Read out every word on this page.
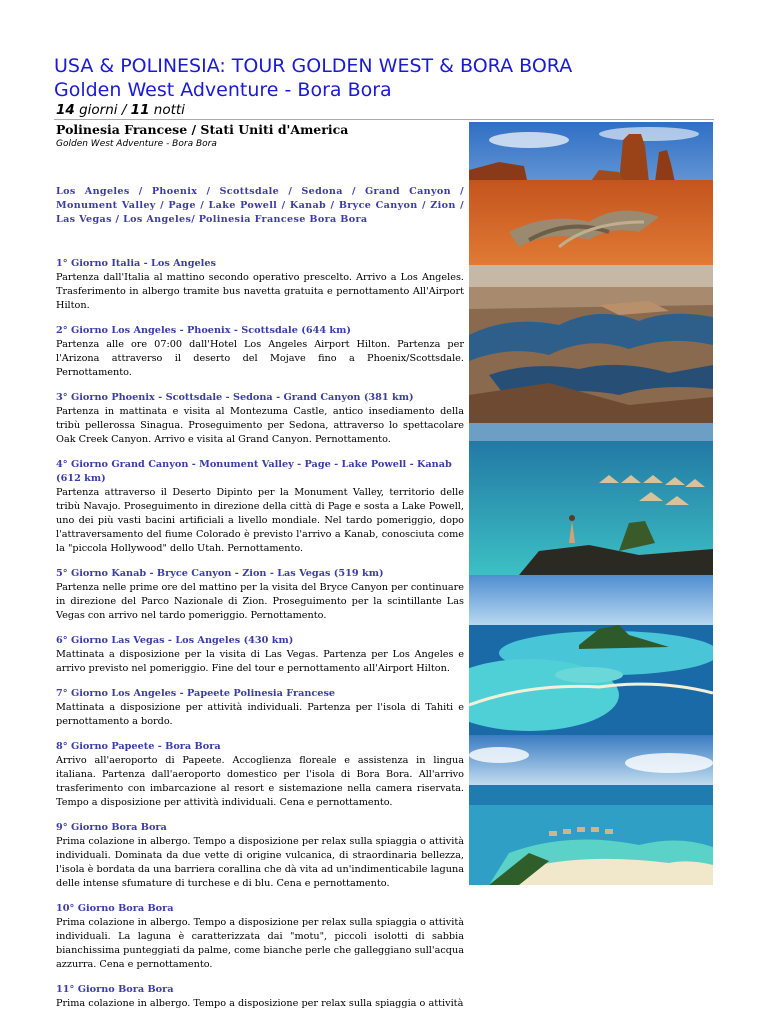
USA & POLINESIA: TOUR GOLDEN WEST & BORA BORA
Golden West Adventure - Bora Bora
14 giorni / 11 notti
Polinesia Francese / Stati Uniti d'America
Golden West Adventure - Bora Bora
Los Angeles / Phoenix / Scottsdale / Sedona / Grand Canyon / Monument Valley / Page / Lake Powell / Kanab / Bryce Canyon / Zion / Las Vegas / Los Angeles/ Polinesia Francese Bora Bora
1° Giorno Italia - Los Angeles
Partenza dall'Italia al mattino secondo operativo prescelto. Arrivo a Los Angeles. Trasferimento in albergo tramite bus navetta gratuita e pernottamento All'Airport Hilton.
2° Giorno Los Angeles - Phoenix - Scottsdale (644 km)
Partenza alle ore 07:00 dall'Hotel Los Angeles Airport Hilton. Partenza per l'Arizona attraverso il deserto del Mojave fino a Phoenix/Scottsdale. Pernottamento.
3° Giorno Phoenix - Scottsdale - Sedona - Grand Canyon (381 km)
Partenza in mattinata e visita al Montezuma Castle, antico insediamento della tribù pellerossa Sinagua. Proseguimento per Sedona, attraverso lo spettacolare Oak Creek Canyon. Arrivo e visita al Grand Canyon. Pernottamento.
4° Giorno Grand Canyon - Monument Valley - Page - Lake Powell - Kanab (612 km)
Partenza attraverso il Deserto Dipinto per la Monument Valley, territorio delle tribù Navajo. Proseguimento in direzione della città di Page e sosta a Lake Powell, uno dei più vasti bacini artificiali a livello mondiale. Nel tardo pomeriggio, dopo l'attraversamento del fiume Colorado è previsto l'arrivo a Kanab, conosciuta come la "piccola Hollywood" dello Utah. Pernottamento.
5° Giorno Kanab - Bryce Canyon - Zion - Las Vegas (519 km)
Partenza nelle prime ore del mattino per la visita del Bryce Canyon per continuare in direzione del Parco Nazionale di Zion. Proseguimento per la scintillante Las Vegas con arrivo nel tardo pomeriggio. Pernottamento.
6° Giorno Las Vegas - Los Angeles (430 km)
Mattinata a disposizione per la visita di Las Vegas. Partenza per Los Angeles e arrivo previsto nel pomeriggio. Fine del tour e pernottamento all'Airport Hilton.
7° Giorno Los Angeles - Papeete Polinesia Francese
Mattinata a disposizione per attività individuali. Partenza per l'isola di Tahiti e pernottamento a bordo.
8° Giorno Papeete - Bora Bora
Arrivo all'aeroporto di Papeete. Accoglienza floreale e assistenza in lingua italiana. Partenza dall'aeroporto domestico per l'isola di Bora Bora. All'arrivo trasferimento con imbarcazione al resort e sistemazione nella camera riservata. Tempo a disposizione per attività individuali. Cena e pernottamento.
9° Giorno Bora Bora
Prima colazione in albergo. Tempo a disposizione per relax sulla spiaggia o attività individuali. Dominata da due vette di origine vulcanica, di straordinaria bellezza, l'isola è bordata da una barriera corallina che dà vita ad un'indimenticabile laguna delle intense sfumature di turchese e di blu. Cena e pernottamento.
10° Giorno Bora Bora
Prima colazione in albergo. Tempo a disposizione per relax sulla spiaggia o attività individuali. La laguna è caratterizzata dai "motu", piccoli isolotti di sabbia bianchissima punteggiati da palme, come bianche perle che galleggiano sull'acqua azzurra. Cena e pernottamento.
11° Giorno Bora Bora
Prima colazione in albergo. Tempo a disposizione per relax sulla spiaggia o attività
